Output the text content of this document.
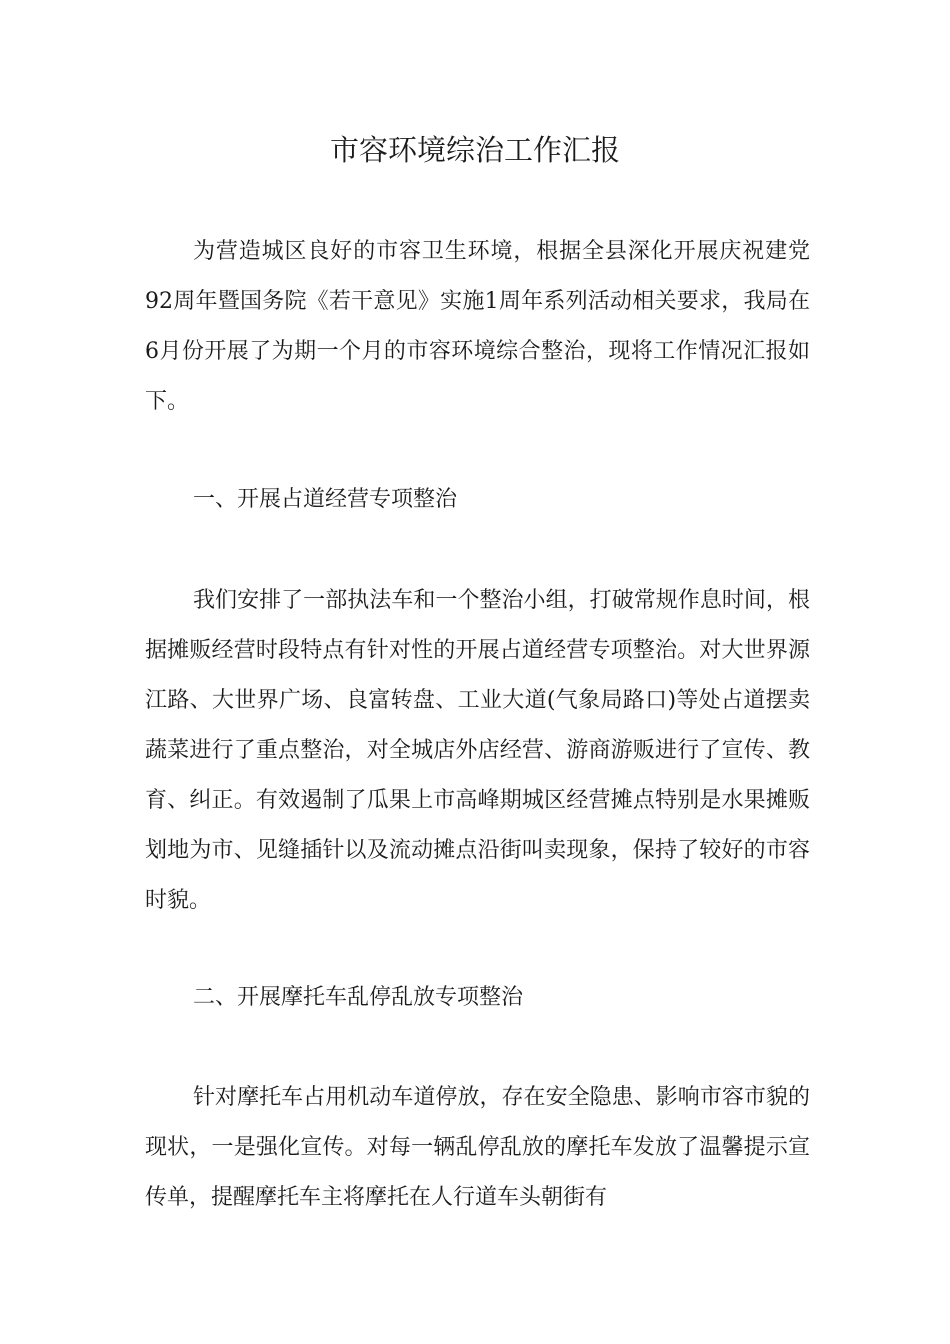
市容环境综治工作汇报

为营造城区良好的市容卫生环境，根据全县深化开展庆祝建党92周年暨国务院《若干意见》实施1周年系列活动相关要求，我局在6月份开展了为期一个月的市容环境综合整治，现将工作情况汇报如下。

一、开展占道经营专项整治

我们安排了一部执法车和一个整治小组，打破常规作息时间，根据摊贩经营时段特点有针对性的开展占道经营专项整治。对大世界源江路、大世界广场、良富转盘、工业大道(气象局路口)等处占道摆卖蔬菜进行了重点整治，对全城店外店经营、游商游贩进行了宣传、教育、纠正。有效遏制了瓜果上市高峰期城区经营摊点特别是水果摊贩划地为市、见缝插针以及流动摊点沿街叫卖现象，保持了较好的市容时貌。

二、开展摩托车乱停乱放专项整治

针对摩托车占用机动车道停放，存在安全隐患、影响市容市貌的现状，一是强化宣传。对每一辆乱停乱放的摩托车发放了温馨提示宣传单，提醒摩托车主将摩托在人行道车头朝街有
